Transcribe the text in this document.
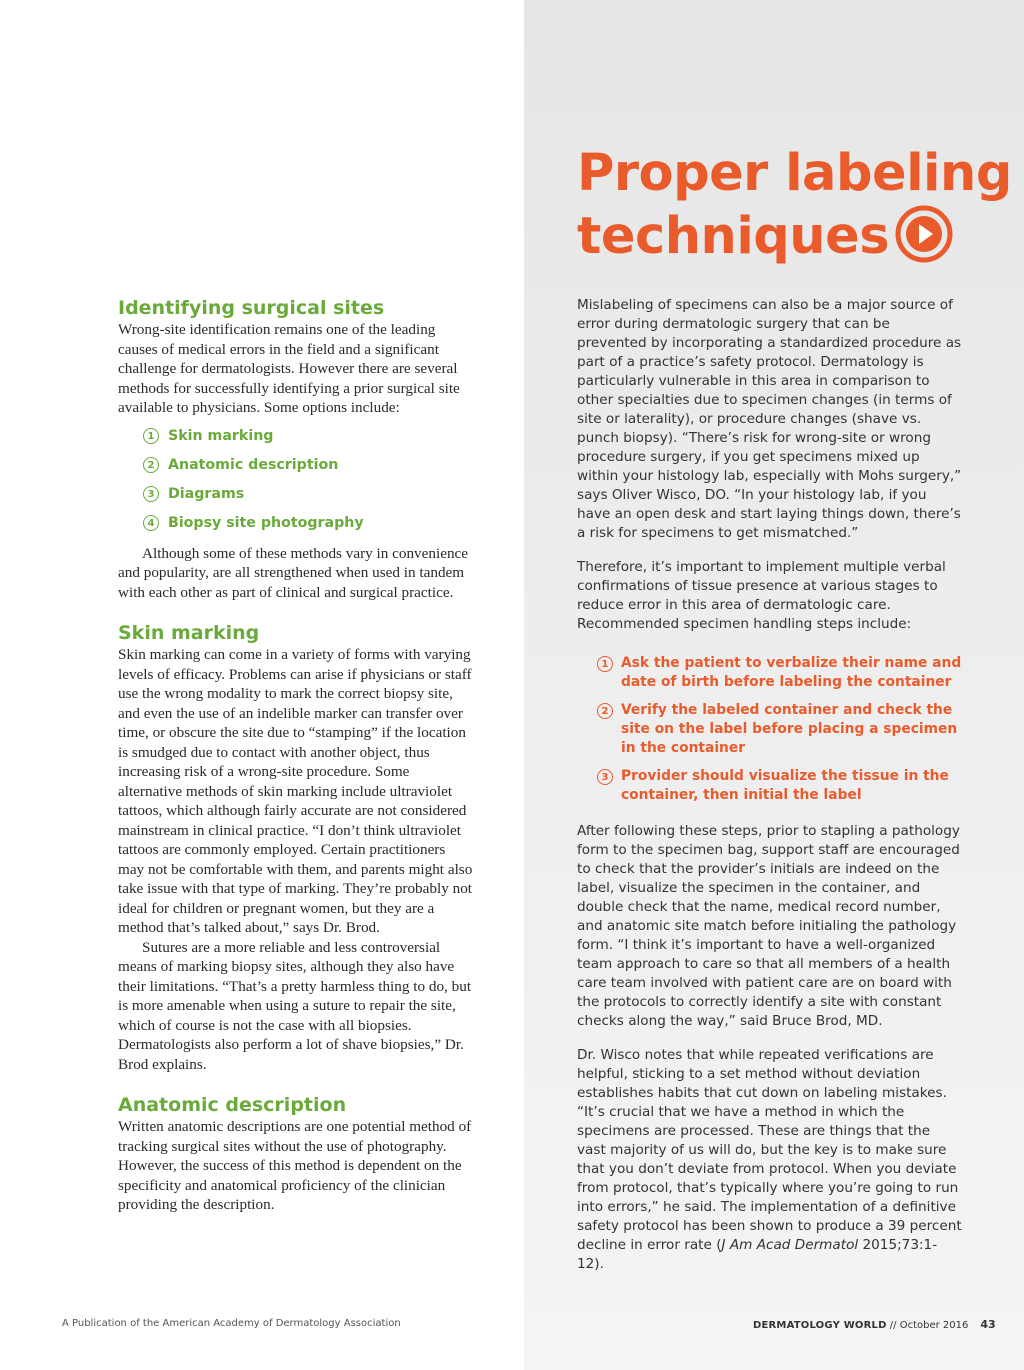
Proper labeling
techniques
Identifying surgical sites

Wrong-site identification remains one of the leading causes of medical errors in the field and a significant challenge for dermatologists. However there are several methods for successfully identifying a prior surgical site available to physicians. Some options include:

1 Skin marking
2 Anatomic description
3 Diagrams
4 Biopsy site photography

Although some of these methods vary in convenience and popularity, are all strengthened when used in tandem with each other as part of clinical and surgical practice.

Skin marking

Skin marking can come in a variety of forms with varying levels of efficacy. Problems can arise if physicians or staff use the wrong modality to mark the correct biopsy site, and even the use of an indelible marker can transfer over time, or obscure the site due to “stamping” if the location is smudged due to contact with another object, thus increasing risk of a wrong-site procedure. Some alternative methods of skin marking include ultraviolet tattoos, which although fairly accurate are not considered mainstream in clinical practice. “I don’t think ultraviolet tattoos are commonly employed. Certain practitioners may not be comfortable with them, and parents might also take issue with that type of marking. They’re probably not ideal for children or pregnant women, but they are a method that’s talked about,” says Dr. Brod.

Sutures are a more reliable and less controversial means of marking biopsy sites, although they also have their limitations. “That’s a pretty harmless thing to do, but is more amenable when using a suture to repair the site, which of course is not the case with all biopsies. Dermatologists also perform a lot of shave biopsies,” Dr. Brod explains.

Anatomic description

Written anatomic descriptions are one potential method of tracking surgical sites without the use of photography. However, the success of this method is dependent on the specificity and anatomical proficiency of the clinician providing the description.

Mislabeling of specimens can also be a major source of error during dermatologic surgery that can be prevented by incorporating a standardized procedure as part of a practice’s safety protocol. Dermatology is particularly vulnerable in this area in comparison to other specialties due to specimen changes (in terms of site or laterality), or procedure changes (shave vs. punch biopsy). “There’s risk for wrong-site or wrong procedure surgery, if you get specimens mixed up within your histology lab, especially with Mohs surgery,” says Oliver Wisco, DO. “In your histology lab, if you have an open desk and start laying things down, there’s a risk for specimens to get mismatched.”

Therefore, it’s important to implement multiple verbal confirmations of tissue presence at various stages to reduce error in this area of dermatologic care. Recommended specimen handling steps include:

1 Ask the patient to verbalize their name and date of birth before labeling the container
2 Verify the labeled container and check the site on the label before placing a specimen in the container
3 Provider should visualize the tissue in the container, then initial the label

After following these steps, prior to stapling a pathology form to the specimen bag, support staff are encouraged to check that the provider’s initials are indeed on the label, visualize the specimen in the container, and double check that the name, medical record number, and anatomic site match before initialing the pathology form. “I think it’s important to have a well-organized team approach to care so that all members of a health care team involved with patient care are on board with the protocols to correctly identify a site with constant checks along the way,” said Bruce Brod, MD.

Dr. Wisco notes that while repeated verifications are helpful, sticking to a set method without deviation establishes habits that cut down on labeling mistakes. “It’s crucial that we have a method in which the specimens are processed. These are things that the vast majority of us will do, but the key is to make sure that you don’t deviate from protocol. When you deviate from protocol, that’s typically where you’re going to run into errors,” he said. The implementation of a definitive safety protocol has been shown to produce a 39 percent decline in error rate (J Am Acad Dermatol 2015;73:1-12).

A Publication of the American Academy of Dermatology Association	DERMATOLOGY WORLD // October 2016 43
